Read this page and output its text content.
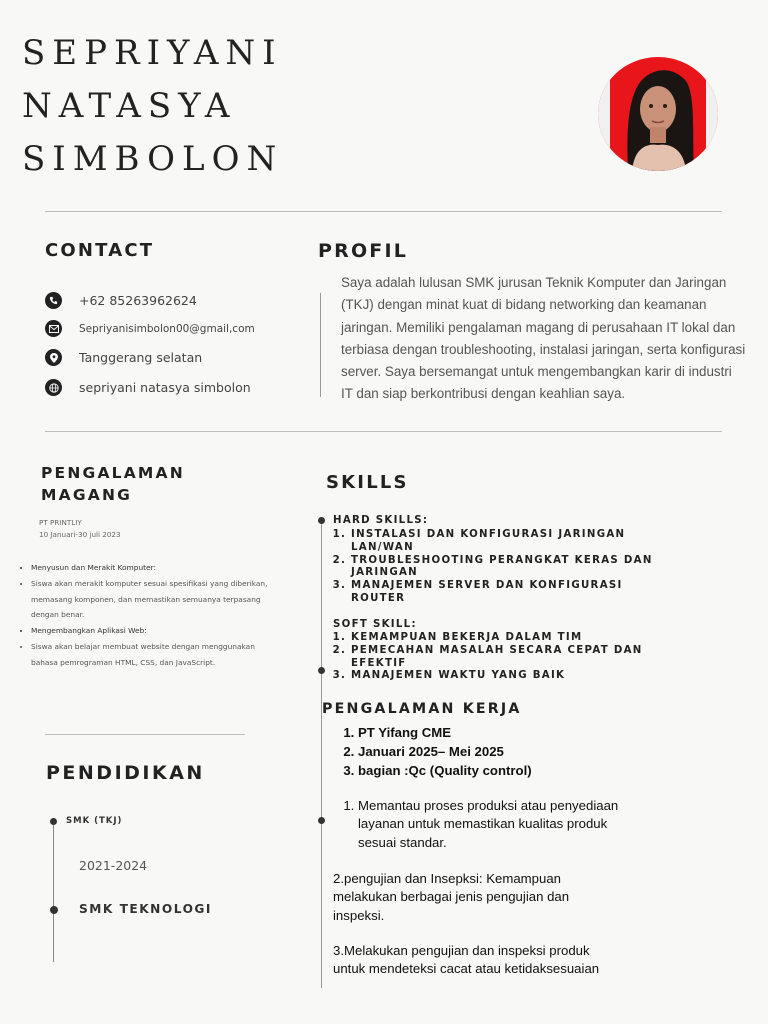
SEPRIYANI
NATASYA
SIMBOLON
CONTACT
+62 85263962624
Sepriyanisimbolon00@gmail,com
Tanggerang selatan
sepriyani natasya simbolon
PROFIL
Saya adalah lulusan SMK jurusan Teknik Komputer dan Jaringan (TKJ) dengan minat kuat di bidang networking dan keamanan jaringan. Memiliki pengalaman magang di perusahaan IT lokal dan terbiasa dengan troubleshooting, instalasi jaringan, serta konfigurasi server. Saya bersemangat untuk mengembangkan karir di industri IT dan siap berkontribusi dengan keahlian saya.
PENGALAMAN
MAGANG
PT PRINTLIY
10 Januari-30 juli 2023
• Menyusun dan Merakit Komputer:
• Siswa akan merakit komputer sesuai spesifikasi yang diberikan, memasang komponen, dan memastikan semuanya terpasang dengan benar.
• Mengembangkan Aplikasi Web:
• Siswa akan belajar membuat website dengan menggunakan bahasa pemrograman HTML, CSS, dan JavaScript.
PENDIDIKAN
SMK (TKJ)
2021-2024
SMK TEKNOLOGI
SKILLS
HARD SKILLS:
1. INSTALASI DAN KONFIGURASI JARINGAN LAN/WAN
2. TROUBLESHOOTING PERANGKAT KERAS DAN JARINGAN
3. MANAJEMEN SERVER DAN KONFIGURASI ROUTER
SOFT SKILL:
1. KEMAMPUAN BEKERJA DALAM TIM
2. PEMECAHAN MASALAH SECARA CEPAT DAN EFEKTIF
3. MANAJEMEN WAKTU YANG BAIK
PENGALAMAN KERJA
1. PT Yifang CME
2. Januari 2025– Mei 2025
3. bagian :Qc (Quality control)
1. Memantau proses produksi atau penyediaan layanan untuk memastikan kualitas produk sesuai standar.
2.pengujian dan Insepksi: Kemampuan melakukan berbagai jenis pengujian dan inspeksi.
3.Melakukan pengujian dan inspeksi produk untuk mendeteksi cacat atau ketidaksesuaian
